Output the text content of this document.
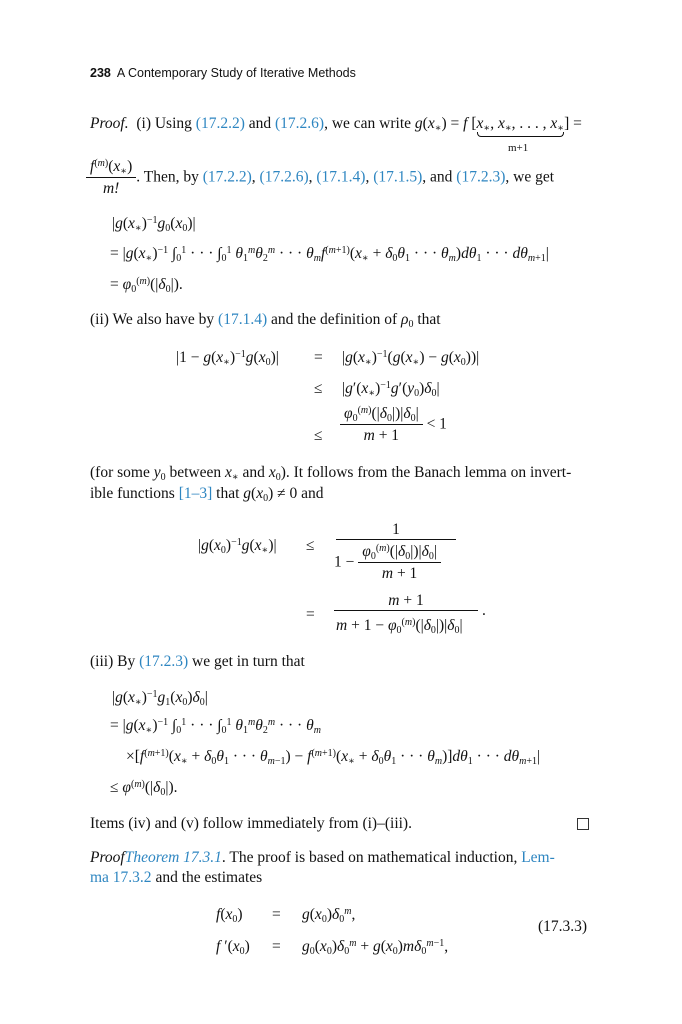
238 A Contemporary Study of Iterative Methods
Proof. (i) Using (17.2.2) and (17.2.6), we can write $g(x_∗) = f$ [$x_∗$, $x_∗$, . . . , $x_∗$] =
m+1
$\frac{f^{(m)}(x_∗)}{m!}$ . Then, by (17.2.2), (17.2.6), (17.1.4), (17.1.5), and (17.2.3), we get
$|g(x_∗)^{-1}g_0(x_0)|$
= $|g(x_∗)^{-1}$ $\int_0^1$ · · · $\int_0^1$ $\theta_1^m\theta_2^m$ · · · $\theta_mf^{(m+1)}(x_∗ + \delta_0\theta_1$ · · · $\theta_m)d\theta_1$ · · · $d\theta_{m+1}|$
= $\varphi_0^{(m)}(|\delta_0|)$.
(ii) We also have by (17.1.4) and the definition of $\rho_0$ that
$|1 - g(x_∗)^{-1}g(x_0)| = |g(x_∗)^{-1}(g(x_∗) - g(x_0))|$
≤ $|g'(x_∗)^{-1}g'(y_0)\delta_0|$
≤ $\frac{\varphi_0^{(m)}(|\delta_0|)|\delta_0|}{m + 1} < 1$
(for some $y_0$ between $x_∗$ and $x_0$). It follows from the Banach lemma on invert-
ible functions [1–3] that $g(x_0) \ne 0$ and
$|g(x_0)^{-1}g(x_∗)|$ ≤
1
$1 - \frac{\varphi_0^{(m)}(|\delta_0|)|\delta_0|}{m + 1}$
=
m + 1
$m + 1 - \varphi_0^{(m)}(|\delta_0|)|\delta_0|$
.
(iii) By (17.2.3) we get in turn that
$|g(x_∗)^{-1}g_1(x_0)\delta_0|$
= $|g(x_∗)^{-1}$ $\int_0^1$ · · · $\int_0^1$ $\theta_1^m\theta_2^m$ · · · $\theta_m$
$\times[f^{(m+1)}(x_∗ + \delta_0\theta_1$ · · · $\theta_{m-1}) - f^{(m+1)}(x_∗ + \delta_0\theta_1$ · · · $\theta_m)]d\theta_1$ · · · $d\theta_{m+1}|$
≤ $\varphi^{(m)}(|\delta_0|)$.
Items (iv) and (v) follow immediately from (i)–(iii).
ProofTheorem 17.3.1. The proof is based on mathematical induction, Lem-
ma 17.3.2 and the estimates
$f(x_0) = g(x_0)\delta_0^m$,
f $'(x_0) = g_0(x_0)\delta_0^m + g(x_0)m\delta_0^{m-1}$,
(17.3.3)
